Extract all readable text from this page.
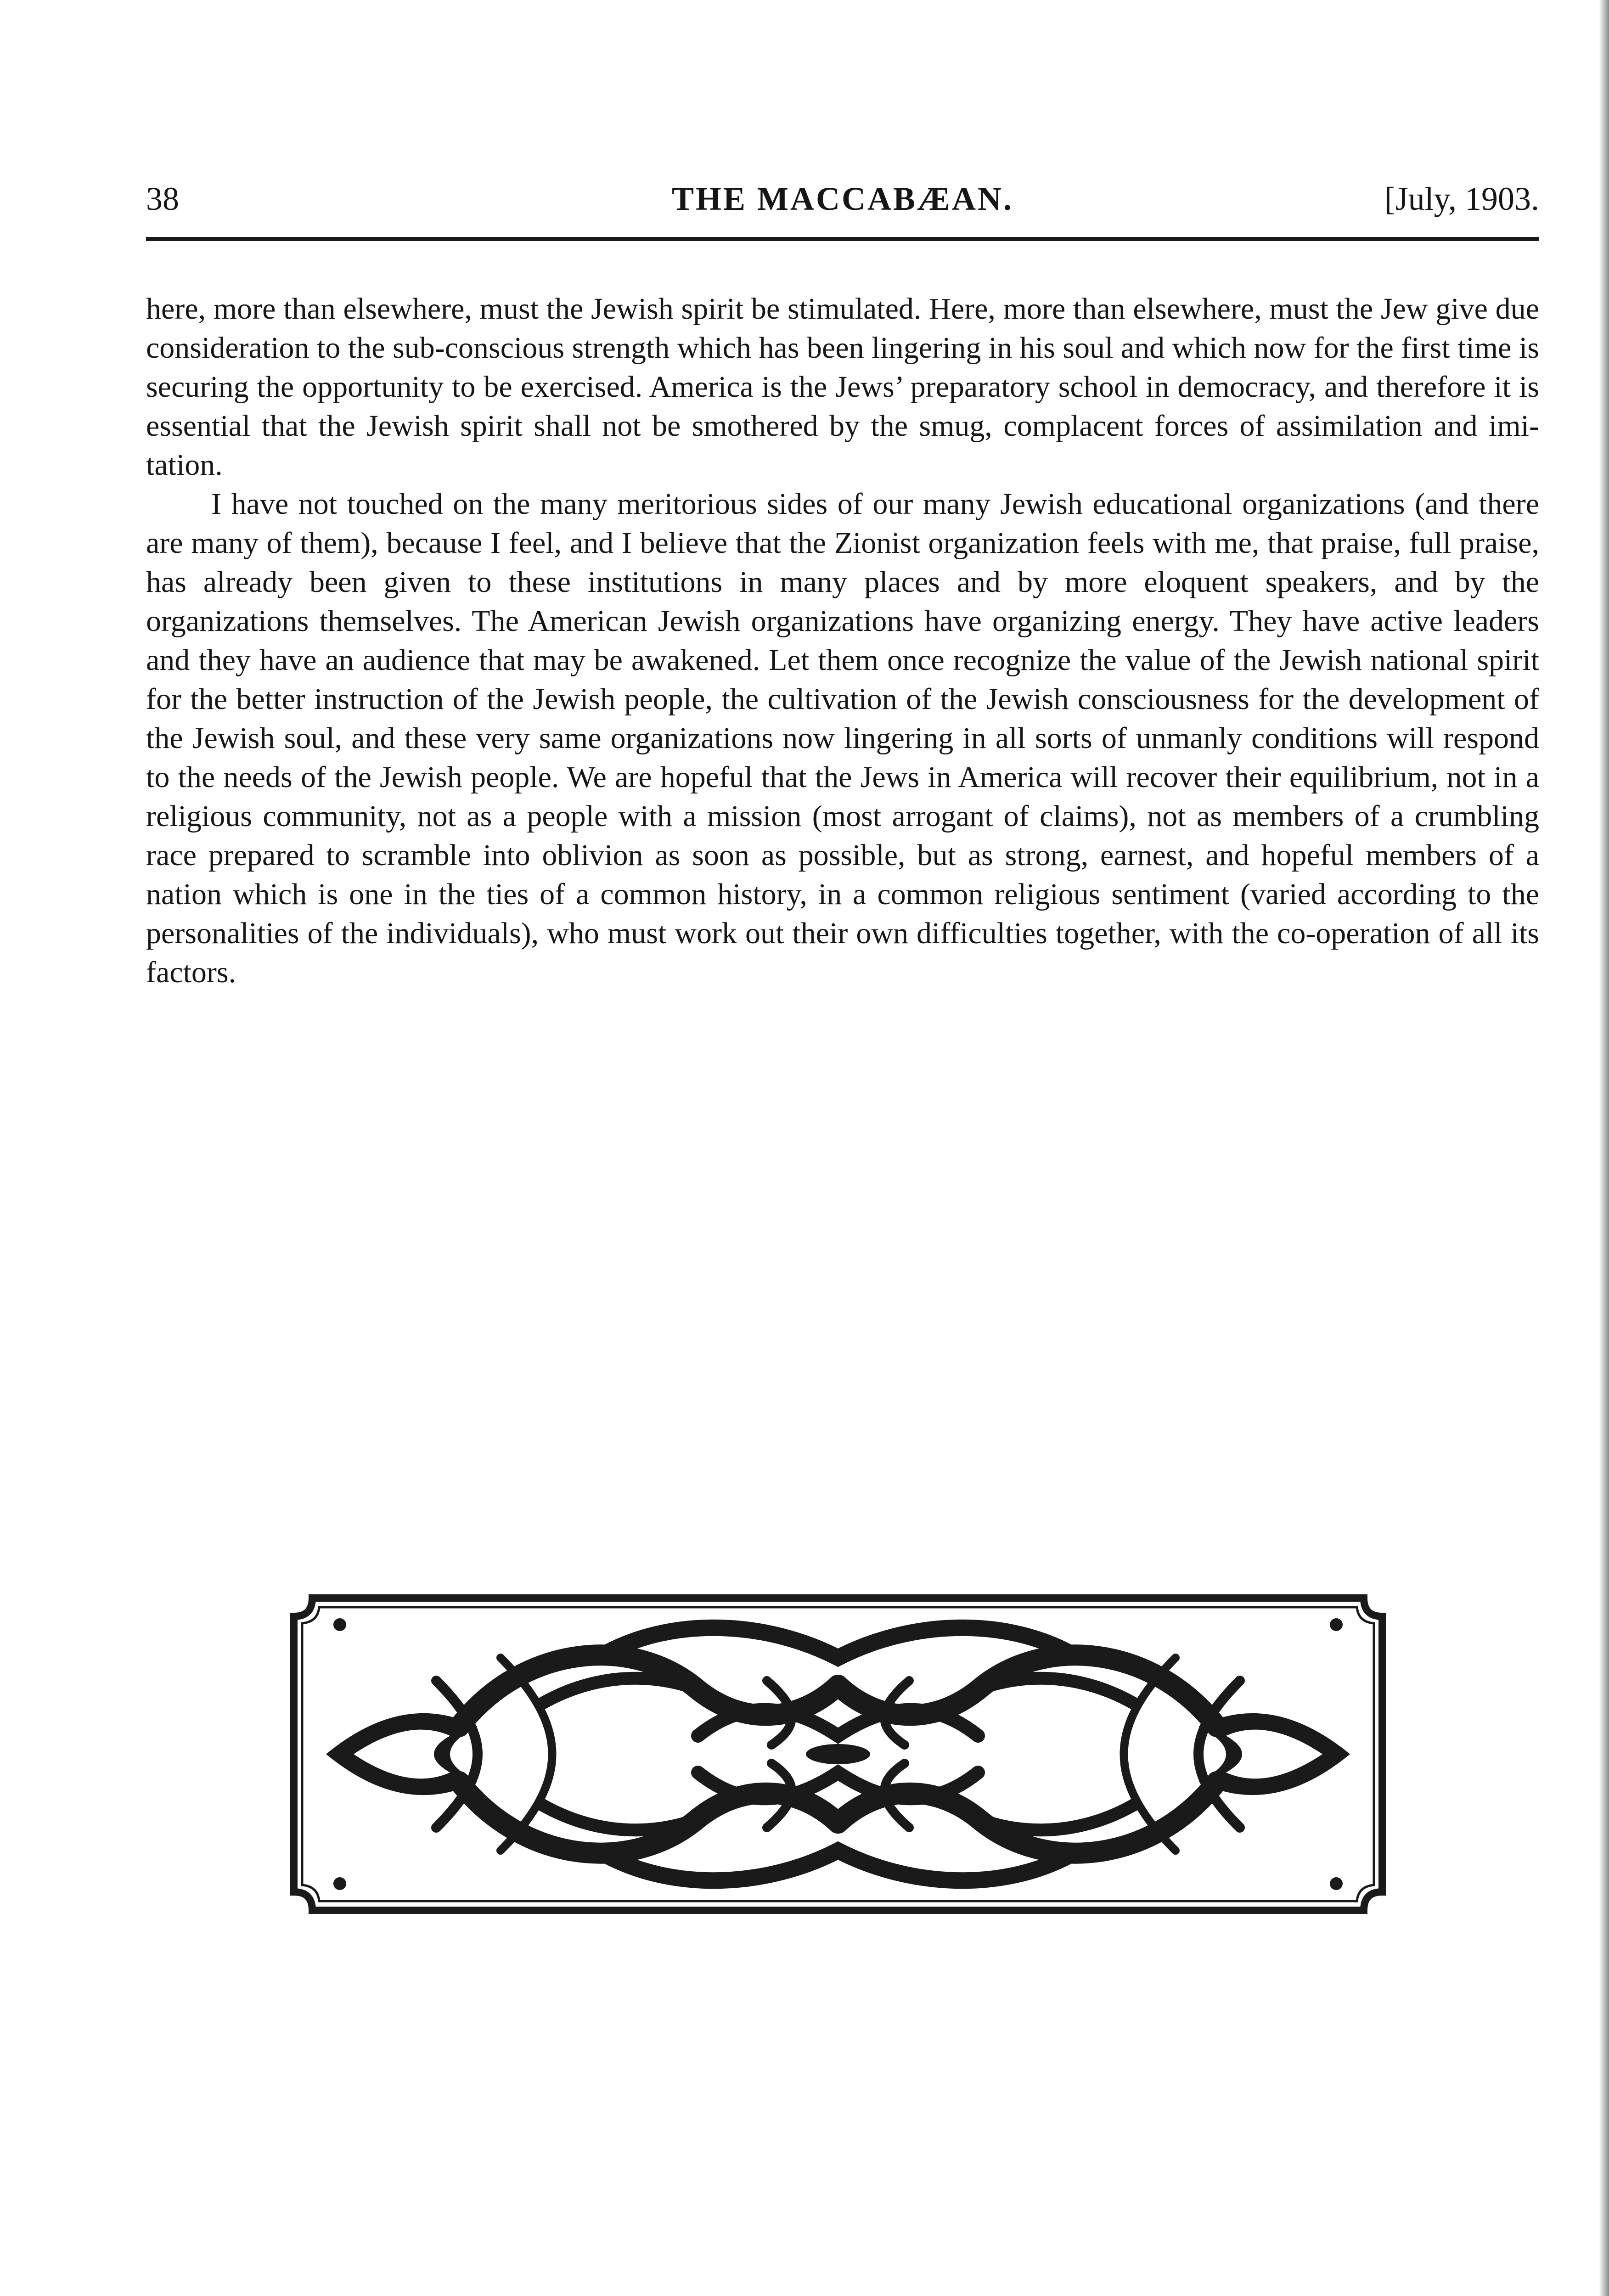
38	THE MACCABÆAN.	[July, 1903.

here, more than elsewhere, must the Jewish spirit be stimulated. Here, more than elsewhere, must the Jew give due consideration to the sub-conscious strength which has been lingering in his soul and which now for the first time is securing the opportunity to be exercised. America is the Jews’ preparatory school in democracy, and therefore it is essential that the Jewish spirit shall not be smothered by the smug, complacent forces of assimilation and imitation.

I have not touched on the many meritorious sides of our many Jewish educational organizations (and there are many of them), because I feel, and I believe that the Zionist organization feels with me, that praise, full praise, has already been given to these institutions in many places and by more eloquent speakers, and by the organizations themselves. The American Jewish organizations have organizing energy. They have active leaders and they have an audience that may be awakened. Let them once recognize the value of the Jewish national spirit for the better instruction of the Jewish people, the cultivation of the Jewish consciousness for the development of the Jewish soul, and these very same organizations now lingering in all sorts of unmanly conditions will respond to the needs of the Jewish people. We are hopeful that the Jews in America will recover their equilibrium, not in a religious community, not as a people with a mission (most arrogant of claims), not as members of a crumbling race prepared to scramble into oblivion as soon as possible, but as strong, earnest, and hopeful members of a nation which is one in the ties of a common history, in a common religious sentiment (varied according to the personalities of the individuals), who must work out their own difficulties together, with the co-operation of all its factors.
